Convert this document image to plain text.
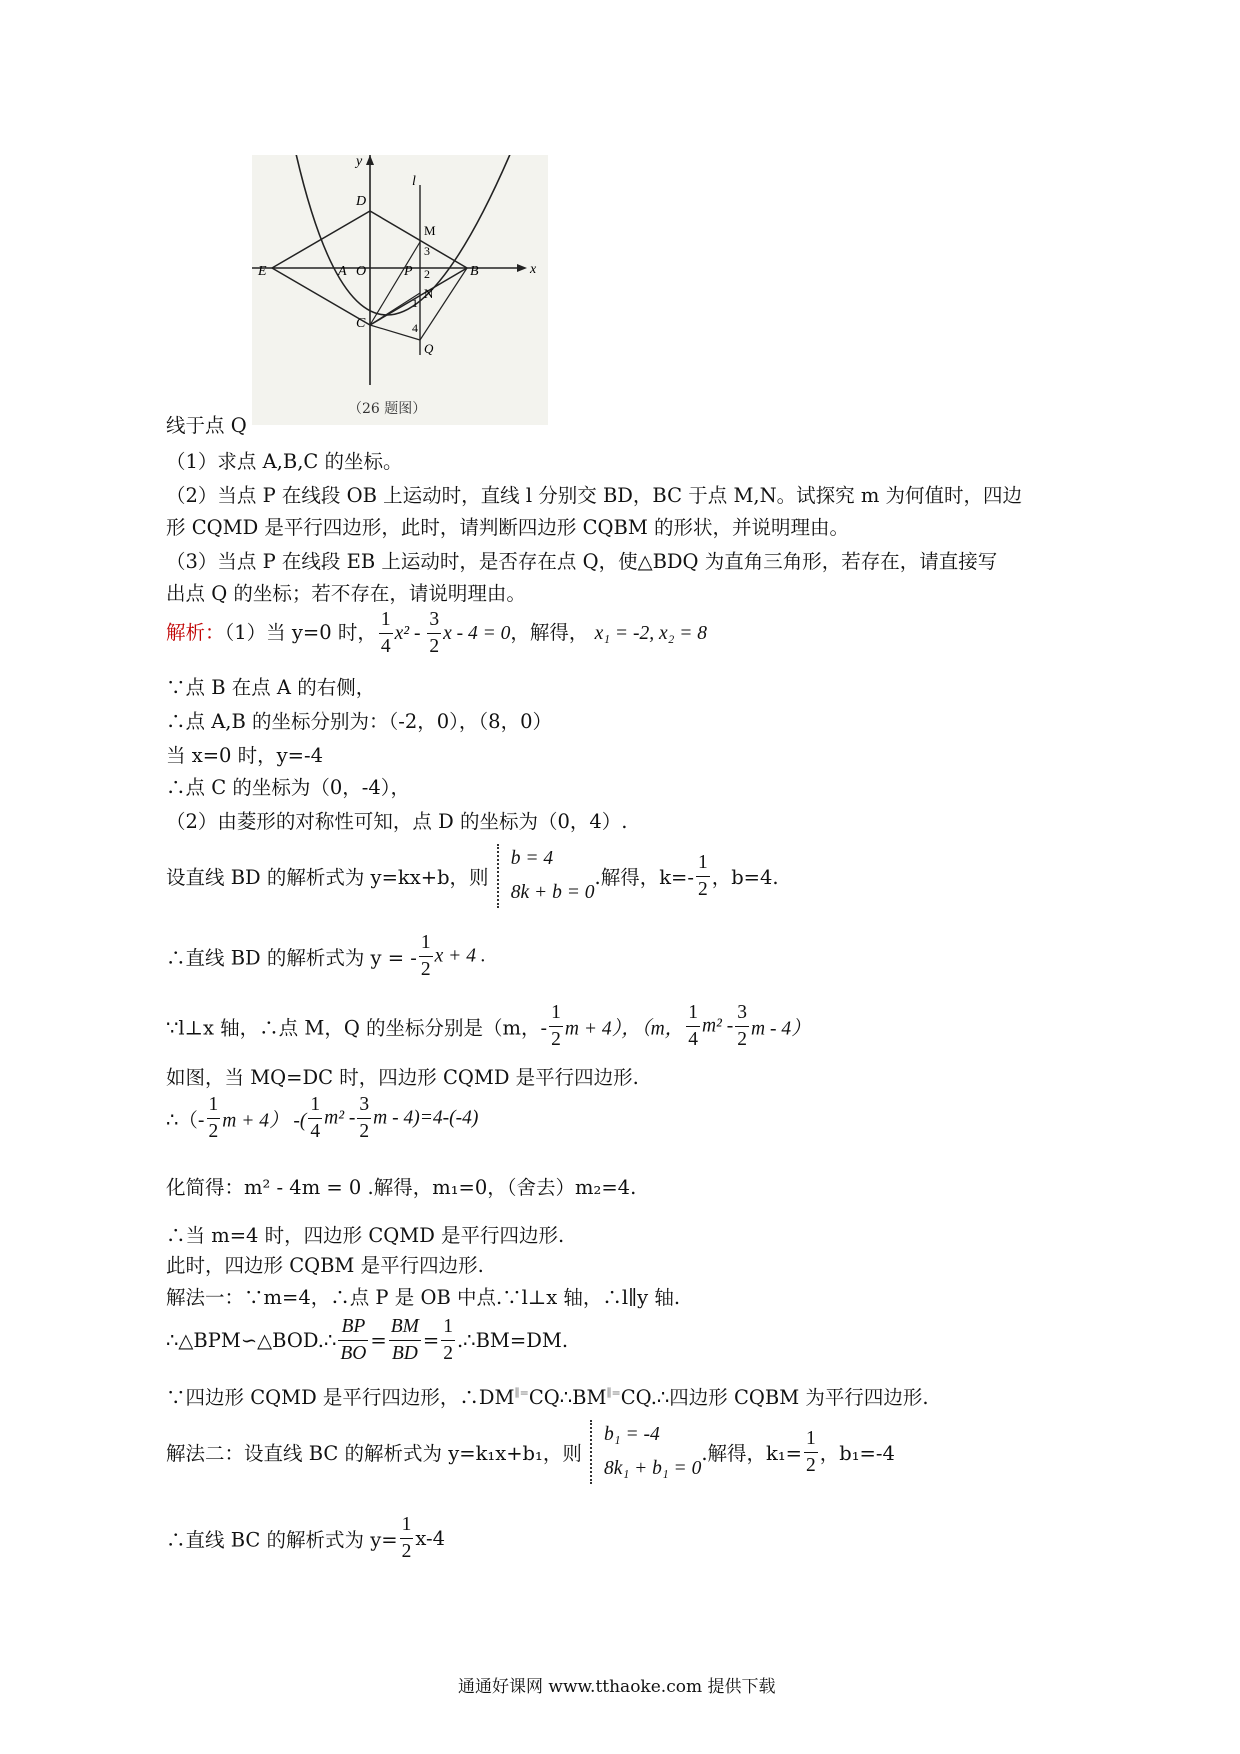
y
x
l
D
E	A O	P	B
M
N
C
Q
3
2
1
4
（26 题图）
线于点 Q
（1）求点 A,B,C 的坐标。
（2）当点 P 在线段 OB 上运动时，直线 l 分别交 BD，BC 于点 M,N。试探究 m 为何值时，四边
形 CQMD 是平行四边形，此时，请判断四边形 CQBM 的形状，并说明理由。
（3）当点 P 在线段 EB 上运动时，是否存在点 Q，使△BDQ 为直角三角形，若存在，请直接写
出点 Q 的坐标；若不存在，请说明理由。
解析：（1）当 y=0 时， $\frac{1}{4} x^2 - \frac{3}{2}$ x - 4 = 0，解得， x₁ = -2, x₂ = 8
∵点 B 在点 A 的右侧，
∴点 A,B 的坐标分别为：（-2，0），（8，0）
当 x=0 时，y=-4
∴点 C 的坐标为（0，-4），
（2）由菱形的对称性可知，点 D 的坐标为（0，4）.
设直线 BD 的解析式为 y=kx+b，则
b = 4
8k + b = 0
.解得，$k=- \frac{1}{2}$ ，b=4.
∴直线 BD 的解析式为 y = - $\frac{1}{2}$ x + 4 .
∵l⊥x 轴，∴点 M，Q 的坐标分别是（m，- $\frac{1}{2}$ m + 4），（m， $\frac{1}{4} m^2 - \frac{3}{2}$ m - 4）
如图，当 MQ=DC 时，四边形 CQMD 是平行四边形.
∴（- $\frac{1}{2}$ m + 4） -( $\frac{1}{4} m^2 - \frac{3}{2}$ m - 4)=4-(-4)
化简得：m² - 4m = 0 .解得，m₁=0，（舍去）m₂=4.
∴当 m=4 时，四边形 CQMD 是平行四边形.
此时，四边形 CQBM 是平行四边形.
解法一：∵m=4，∴点 P 是 OB 中点.∵l⊥x 轴，∴l∥y 轴.
∴△BPM∽△BOD.∴ $\frac{BP}{BO} = \frac{BM}{BD} = \frac{1}{2}$ .∴BM=DM.
∵四边形 CQMD 是平行四边形，∴DM∥=CQ∴BM∥=CQ.∴四边形 CQBM 为平行四边形.
解法二：设直线 BC 的解析式为 y=k₁x+b₁，则
b₁ = -4
8k₁ + b₁ = 0
.解得，$k_1= \frac{1}{2}$ ，b₁=-4
∴直线 BC 的解析式为 $y= \frac{1}{2} x-4$
通通好课网 www.tthaoke.com 提供下载
